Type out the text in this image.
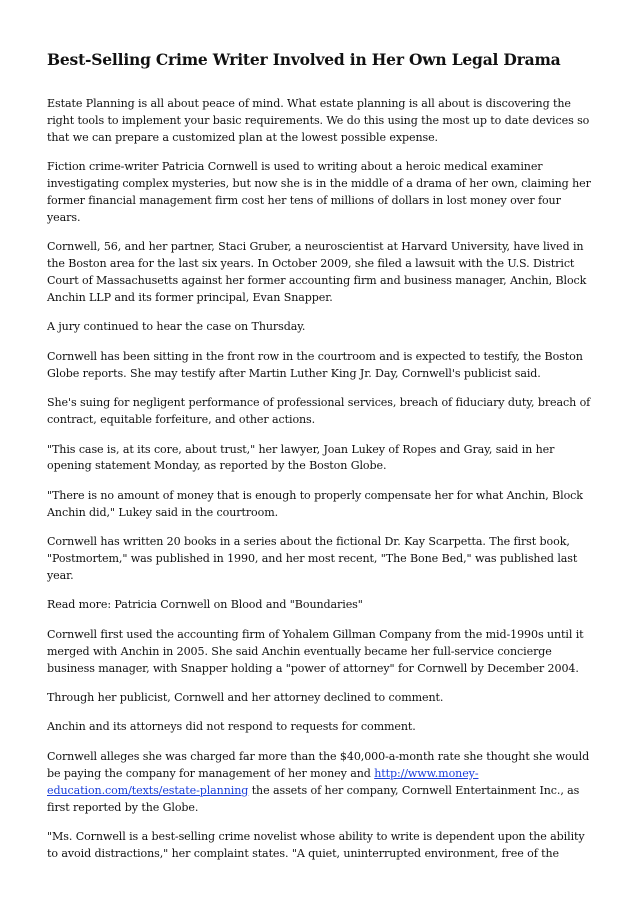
Best-Selling Crime Writer Involved in Her Own Legal Drama

Estate Planning is all about peace of mind. What estate planning is all about is discovering the right tools to implement your basic requirements. We do this using the most up to date devices so that we can prepare a customized plan at the lowest possible expense.

Fiction crime-writer Patricia Cornwell is used to writing about a heroic medical examiner investigating complex mysteries, but now she is in the middle of a drama of her own, claiming her former financial management firm cost her tens of millions of dollars in lost money over four years.

Cornwell, 56, and her partner, Staci Gruber, a neuroscientist at Harvard University, have lived in the Boston area for the last six years. In October 2009, she filed a lawsuit with the U.S. District Court of Massachusetts against her former accounting firm and business manager, Anchin, Block Anchin LLP and its former principal, Evan Snapper.

A jury continued to hear the case on Thursday.

Cornwell has been sitting in the front row in the courtroom and is expected to testify, the Boston Globe reports. She may testify after Martin Luther King Jr. Day, Cornwell's publicist said.

She's suing for negligent performance of professional services, breach of fiduciary duty, breach of contract, equitable forfeiture, and other actions.

"This case is, at its core, about trust," her lawyer, Joan Lukey of Ropes and Gray, said in her opening statement Monday, as reported by the Boston Globe.

"There is no amount of money that is enough to properly compensate her for what Anchin, Block Anchin did," Lukey said in the courtroom.

Cornwell has written 20 books in a series about the fictional Dr. Kay Scarpetta. The first book, "Postmortem," was published in 1990, and her most recent, "The Bone Bed," was published last year.

Read more: Patricia Cornwell on Blood and "Boundaries"

Cornwell first used the accounting firm of Yohalem Gillman Company from the mid-1990s until it merged with Anchin in 2005. She said Anchin eventually became her full-service concierge business manager, with Snapper holding a "power of attorney" for Cornwell by December 2004.

Through her publicist, Cornwell and her attorney declined to comment.

Anchin and its attorneys did not respond to requests for comment.

Cornwell alleges she was charged far more than the $40,000-a-month rate she thought she would be paying the company for management of her money and http://www.money-education.com/texts/estate-planning the assets of her company, Cornwell Entertainment Inc., as first reported by the Globe.

"Ms. Cornwell is a best-selling crime novelist whose ability to write is dependent upon the ability to avoid distractions," her complaint states. "A quiet, uninterrupted environment, free of the
